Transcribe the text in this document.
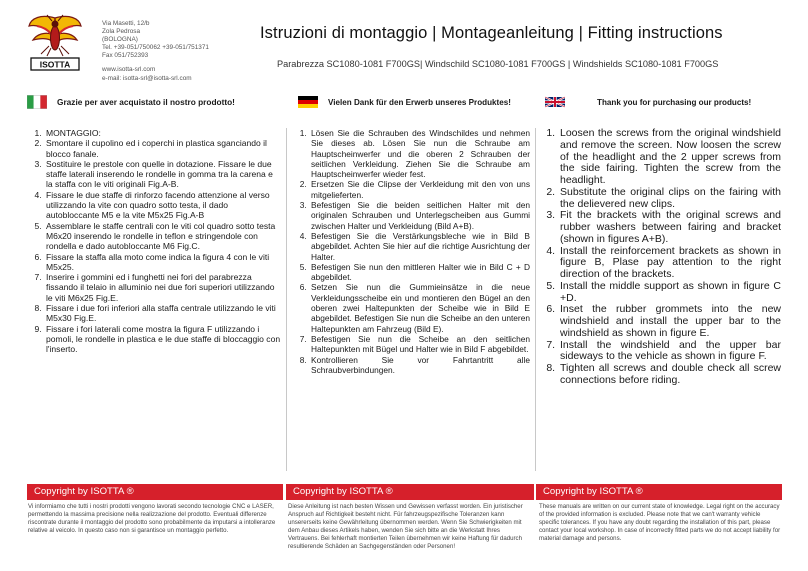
ISOTTA
Via Masetti, 12/b
Zola Pedrosa
(BOLOGNA)
Tel. +39-051/750062 +39-051/751371
Fax 051/752393
www.isotta-srl.com
e-mail: isotta-srl@isotta-srl.com
Istruzioni di montaggio | Montageanleitung | Fitting instructions
Parabrezza SC1080-1081 F700GS| Windschild SC1080-1081 F700GS | Windshields SC1080-1081 F700GS
Grazie per aver acquistato il nostro prodotto!	Vielen Dank für den Erwerb unseres Produktes!	Thank you for purchasing our products!
1. MONTAGGIO:
2. Smontare il cupolino ed i coperchi in plastica sganciando il blocco fanale.
3. Sostituire le prestole con quelle in dotazione. Fissare le due staffe laterali inserendo le rondelle in gomma tra la carena e la staffa con le viti originali Fig.A-B.
4. Fissare le due staffe di rinforzo facendo attenzione al verso utilizzando la vite con quadro sotto testa, il dado autobloccante M5 e la vite M5x25 Fig.A-B
5. Assemblare le staffe centrali con le viti col quadro sotto testa M6x20 inserendo le rondelle in teflon e stringendole con rondella e dado autobloccante M6 Fig.C.
6. Fissare la staffa alla moto come indica la figura 4 con le viti M5x25.
7. Inserire i gommini ed i funghetti nei fori del parabrezza fissando il telaio in alluminio nei due fori superiori utilizzando le viti M6x25 Fig.E.
8. Fissare i due fori inferiori alla staffa centrale utilizzando le viti M5x30 Fig.E.
9. Fissare i fori laterali come mostra la figura F utilizzando i pomoli, le rondelle in plastica e le due staffe di bloccaggio con l'inserto.
1. Lösen Sie die Schrauben des Windschildes und nehmen Sie dieses ab. Lösen Sie nun die Schraube am Hauptscheinwerfer und die oberen 2 Schrauben der seitlichen Verkleidung. Ziehen Sie die Schraube am Hauptscheinwerfer wieder fest.
2. Ersetzen Sie die Clipse der Verkleidung mit den von uns mitgelieferten.
3. Befestigen Sie die beiden seitlichen Halter mit den originalen Schrauben und Unterlegscheiben aus Gummi zwischen Halter und Verkleidung (Bild A+B).
4. Befestigen Sie die Verstärkungsbleche wie in Bild B abgebildet. Achten Sie hier auf die richtige Ausrichtung der Halter.
5. Befestigen Sie nun den mittleren Halter wie in Bild C + D abgebildet.
6. Setzen Sie nun die Gummieinsätze in die neue Verkleidungsscheibe ein und montieren den Bügel an den oberen zwei Haltepunkten der Scheibe wie in Bild E abgebildet. Befestigen Sie nun die Scheibe an den unteren Haltepunkten am Fahrzeug (Bild E).
7. Befestigen Sie nun die Scheibe an den seitlichen Haltepunkten mit Bügel und Halter wie in Bild F abgebildet.
8. Kontrollieren Sie vor Fahrtantritt alle Schraubverbindungen.
1. Loosen the screws from the original windshield and remove the screen. Now loosen the screw of the headlight and the 2 upper screws from the side fairing. Tighten the screw from the headlight.
2. Substitute the original clips on the fairing with the delievered new clips.
3. Fit the brackets with the original screws and rubber washers between fairing and bracket (shown in figures A+B).
4. Install the reinforcement brackets as shown in figure B, Plase pay attention to the right direction of the brackets.
5. Install the middle support as shown in figure C +D.
6. Inset the rubber grommets into the new windshield and install the upper bar to the windshield as shown in figure E.
7. Install the windshield and the upper bar sideways to the vehicle as shown in figure F.
8. Tighten all screws and double check all screw connections before riding.
Copyright by ISOTTA ®	Copyright by ISOTTA ®	Copyright by ISOTTA ®
Vi informiamo che tutti i nostri prodotti vengono lavorati secondo tecnologie CNC e LASER, permettendo la massima precisione nella realizzazione del prodotto. Eventuali differenze riscontrate durante il montaggio del prodotto sono probabilmente da imputarsi a intolleranze relative al veicolo. In questo caso non si garantisce un montaggio perfetto.
Diese Anleitung ist nach besten Wissen und Gewissen verfasst worden. Ein juristischer Anspruch auf Richtigkeit besteht nicht. Für fahrzeugspezifische Toleranzen kann unsererseits keine Gewährleitung übernommen werden. Wenn Sie Schwierigkeiten mit dem Anbau dieses Artikels haben, wenden Sie sich bitte an die Werkstatt Ihres Vertrauens. Bei fehlerhaft montierten Teilen übernehmen wir keine Haftung für dadurch resultierende Schäden an Sachgegenständen oder Personen!
These manuals are written on our current state of knowledge. Legal right on the accuracy of the provided information is excluded. Please note that we can't warranty vehicle specific tolerances. If you have any doubt regarding the installation of this part, please contact your local workshop. In case of incorrectly fitted parts we do not accept liability for material damage and persons.
